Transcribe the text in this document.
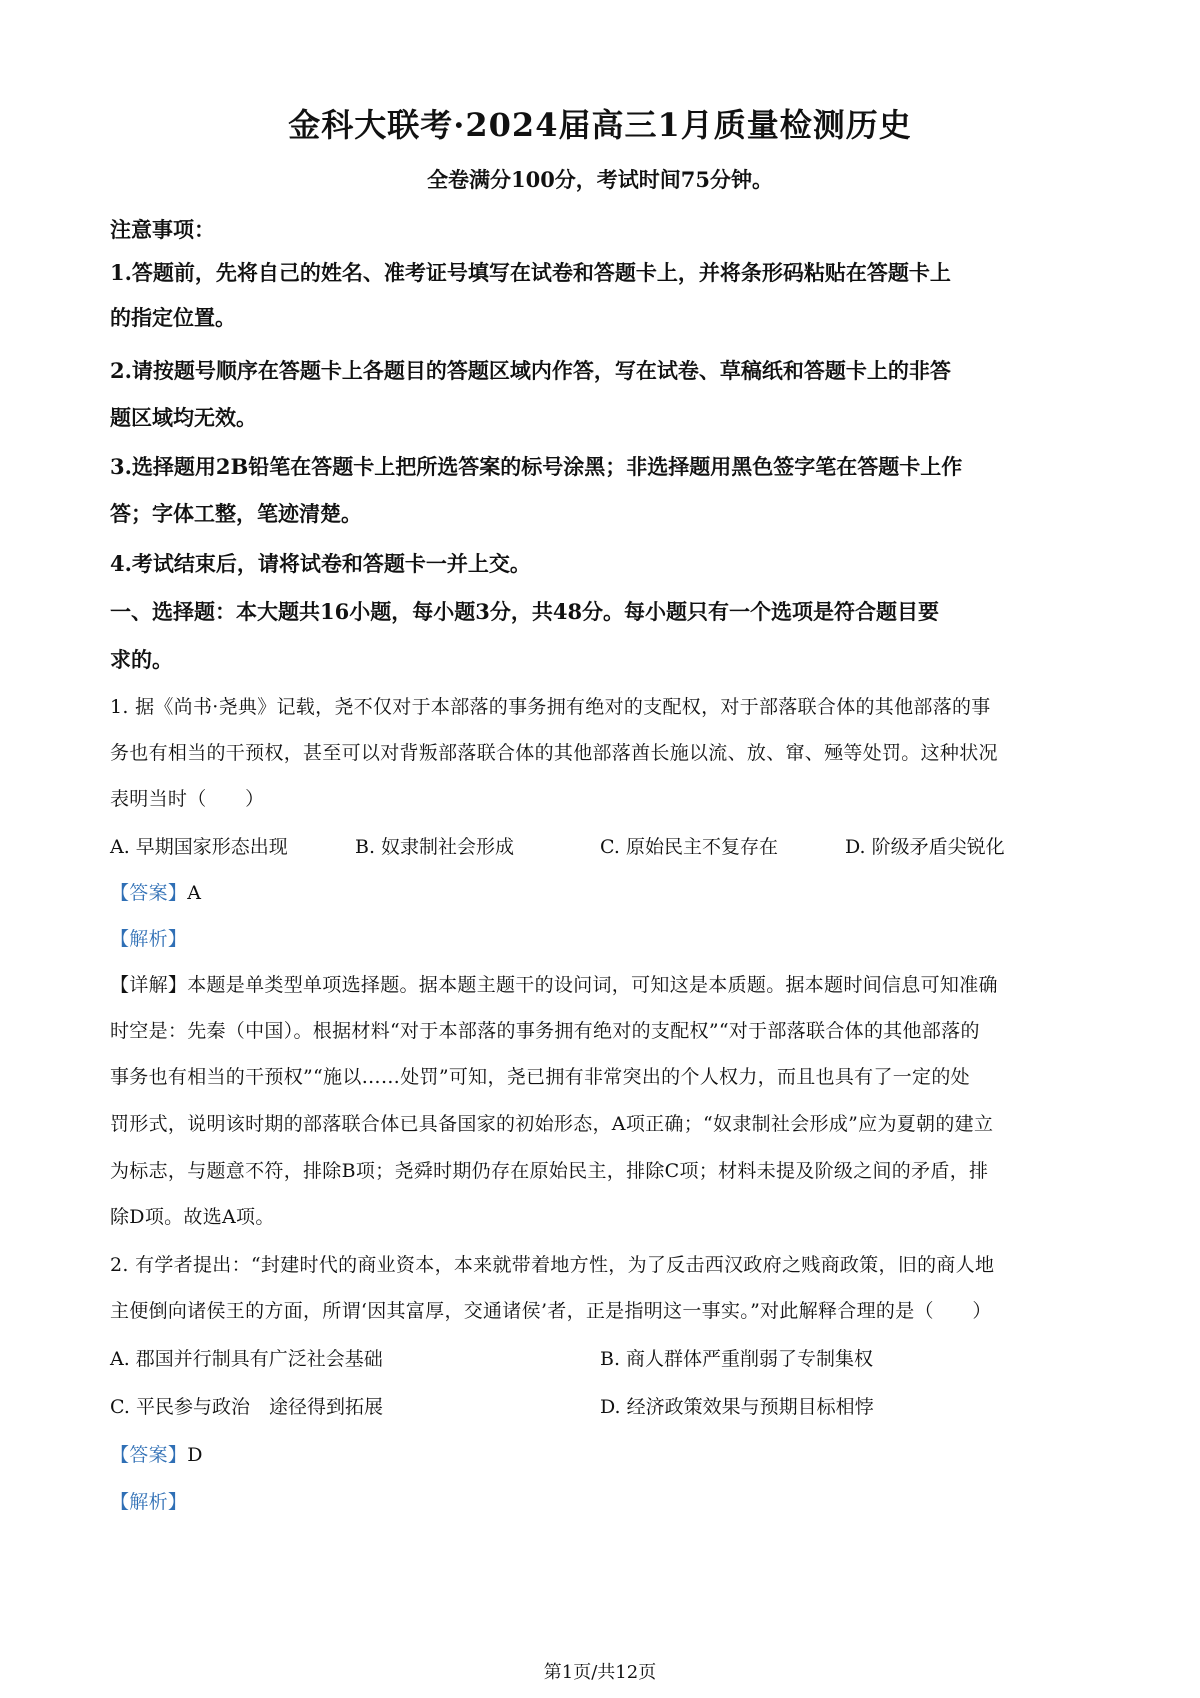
金科大联考·2024届高三1月质量检测历史
全卷满分100分，考试时间75分钟。
注意事项：
1.答题前，先将自己的姓名、准考证号填写在试卷和答题卡上，并将条形码粘贴在答题卡上
的指定位置。
2.请按题号顺序在答题卡上各题目的答题区域内作答，写在试卷、草稿纸和答题卡上的非答
题区域均无效。
3.选择题用2B铅笔在答题卡上把所选答案的标号涂黑；非选择题用黑色签字笔在答题卡上作
答；字体工整，笔迹清楚。
4.考试结束后，请将试卷和答题卡一并上交。
一、选择题：本大题共16小题，每小题3分，共48分。每小题只有一个选项是符合题目要
求的。
1. 据《尚书·尧典》记载，尧不仅对于本部落的事务拥有绝对的支配权，对于部落联合体的其他部落的事
务也有相当的干预权，甚至可以对背叛部落联合体的其他部落酋长施以流、放、窜、殛等处罚。这种状况
表明当时（　　）
A. 早期国家形态出现	B. 奴隶制社会形成	C. 原始民主不复存在	D. 阶级矛盾尖锐化
【答案】A
【解析】
【详解】本题是单类型单项选择题。据本题主题干的设问词，可知这是本质题。据本题时间信息可知准确
时空是：先秦（中国）。根据材料“对于本部落的事务拥有绝对的支配权”“对于部落联合体的其他部落的
事务也有相当的干预权”“施以……处罚”可知，尧已拥有非常突出的个人权力，而且也具有了一定的处
罚形式，说明该时期的部落联合体已具备国家的初始形态，A项正确；“奴隶制社会形成”应为夏朝的建立
为标志，与题意不符，排除B项；尧舜时期仍存在原始民主，排除C项；材料未提及阶级之间的矛盾，排
除D项。故选A项。
2. 有学者提出：“封建时代的商业资本，本来就带着地方性，为了反击西汉政府之贱商政策，旧的商人地
主便倒向诸侯王的方面，所谓‘因其富厚，交通诸侯’者，正是指明这一事实。”对此解释合理的是（　　）
A. 郡国并行制具有广泛社会基础	B. 商人群体严重削弱了专制集权
C. 平民参与政治　途径得到拓展	D. 经济政策效果与预期目标相悖
【答案】D
【解析】
第1页/共12页
